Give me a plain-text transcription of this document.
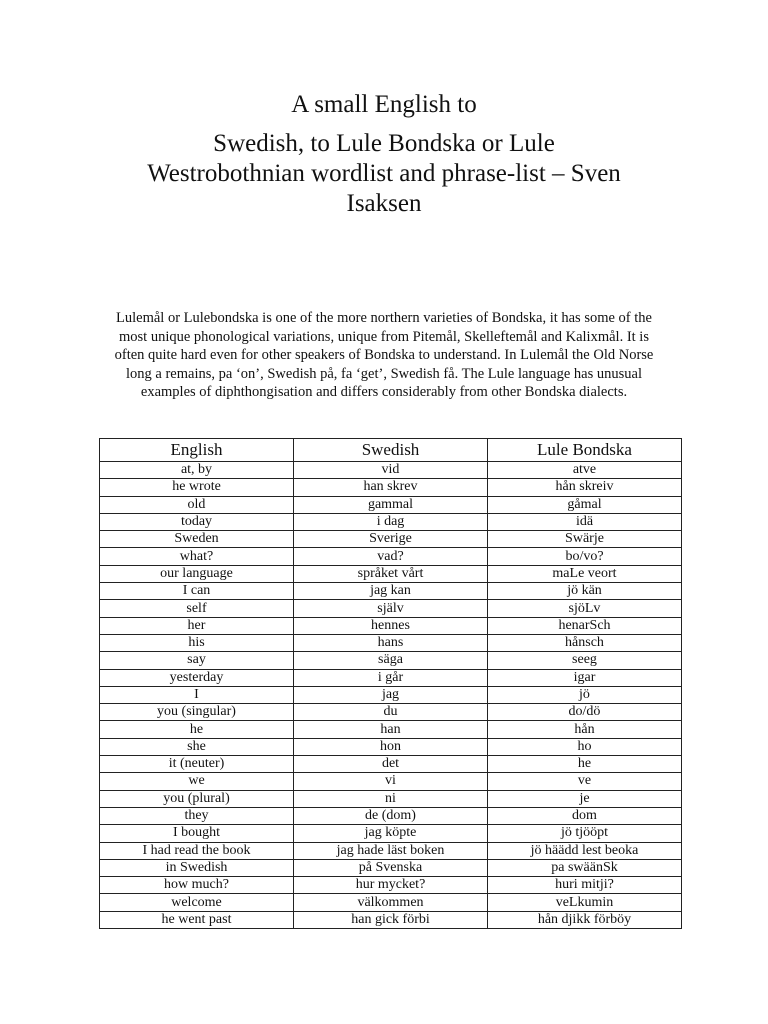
A small English to
Swedish, to Lule Bondska or Lule
Westrobothnian wordlist and phrase-list – Sven
Isaksen

Lulemål or Lulebondska is one of the more northern varieties of Bondska, it has some of the
most unique phonological variations, unique from Pitemål, Skelleftemål and Kalixmål. It is
often quite hard even for other speakers of Bondska to understand. In Lulemål the Old Norse
long a remains, pa ‘on’, Swedish på, fa ‘get’, Swedish få. The Lule language has unusual
examples of diphthongisation and differs considerably from other Bondska dialects.

English	Swedish	Lule Bondska
at, by	vid	atve
he wrote	han skrev	hån skreiv
old	gammal	gåmal
today	i dag	idä
Sweden	Sverige	Swärje
what?	vad?	bo/vo?
our language	språket vårt	maLe veort
I can	jag kan	jö kän
self	själv	sjöLv
her	hennes	henarSch
his	hans	hånsch
say	säga	seeg
yesterday	i går	igar
I	jag	jö
you (singular)	du	do/dö
he	han	hån
she	hon	ho
it (neuter)	det	he
we	vi	ve
you (plural)	ni	je
they	de (dom)	dom
I bought	jag köpte	jö tjööpt
I had read the book	jag hade läst boken	jö häädd lest beoka
in Swedish	på Svenska	pa swäänSk
how much?	hur mycket?	huri mitji?
welcome	välkommen	veLkumin
he went past	han gick förbi	hån djikk förböy
